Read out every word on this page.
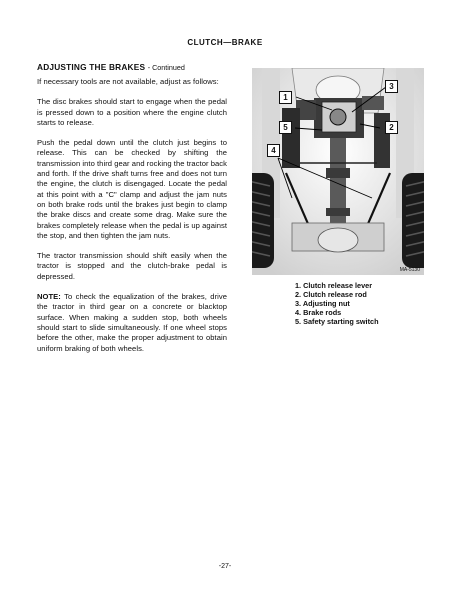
CLUTCH—BRAKE
ADJUSTING THE BRAKES - Continued

If necessary tools are not available, adjust as follows:

The disc brakes should start to engage when the pedal is pressed down to a position where the engine clutch starts to release.

Push the pedal down until the clutch just begins to release. This can be checked by shifting the transmission into third gear and rocking the tractor back and forth. If the drive shaft turns free and does not turn the engine, the clutch is disengaged. Locate the pedal at this point with a "C" clamp and adjust the jam nuts on both brake rods until the brakes just begin to clamp the brake discs and create some drag. Make sure the brakes completely release when the pedal is up against the stop, and then tighten the jam nuts.

The tractor transmission should shift easily when the tractor is stopped and the clutch-brake pedal is depressed.

NOTE: To check the equalization of the brakes, drive the tractor in third gear on a concrete or blacktop surface. When making a sudden stop, both wheels should start to slide simultaneously. If one wheel stops before the other, make the proper adjustment to obtain uniform braking of both wheels.

1
2
3
4
5
MA-5130
1. Clutch release lever
2. Clutch release rod
3. Adjusting nut
4. Brake rods
5. Safety starting switch
-27-
